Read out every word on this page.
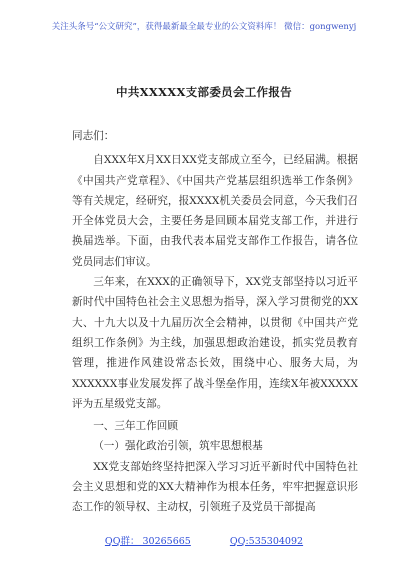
关注头条号“公文研究”，获得最新最全最专业的公文资料库！ 微信：gongwenyj
中共XXXXX支部委员会工作报告

同志们：

自XXX年X月XX日XX党支部成立至今，已经届满。根据《中国共产党章程》、《中国共产党基层组织选举工作条例》等有关规定，经研究，报XXXX机关委员会同意，今天我们召开全体党员大会，主要任务是回顾本届党支部工作，并进行换届选举。下面，由我代表本届党支部作工作报告，请各位党员同志们审议。

三年来，在XXX的正确领导下，XX党支部坚持以习近平新时代中国特色社会主义思想为指导，深入学习贯彻党的XX大、十九大以及十九届历次全会精神，以贯彻《中国共产党组织工作条例》为主线，加强思想政治建设，抓实党员教育管理，推进作风建设常态长效，围绕中心、服务大局，为XXXXXX事业发展发挥了战斗堡垒作用，连续X年被XXXXX评为五星级党支部。

一、三年工作回顾

（一）强化政治引领，筑牢思想根基

XX党支部始终坚持把深入学习习近平新时代中国特色社会主义思想和党的XX大精神作为根本任务，牢牢把握意识形态工作的领导权、主动权，引领班子及党员干部提高

QQ群： 30265665	QQ:535304092
